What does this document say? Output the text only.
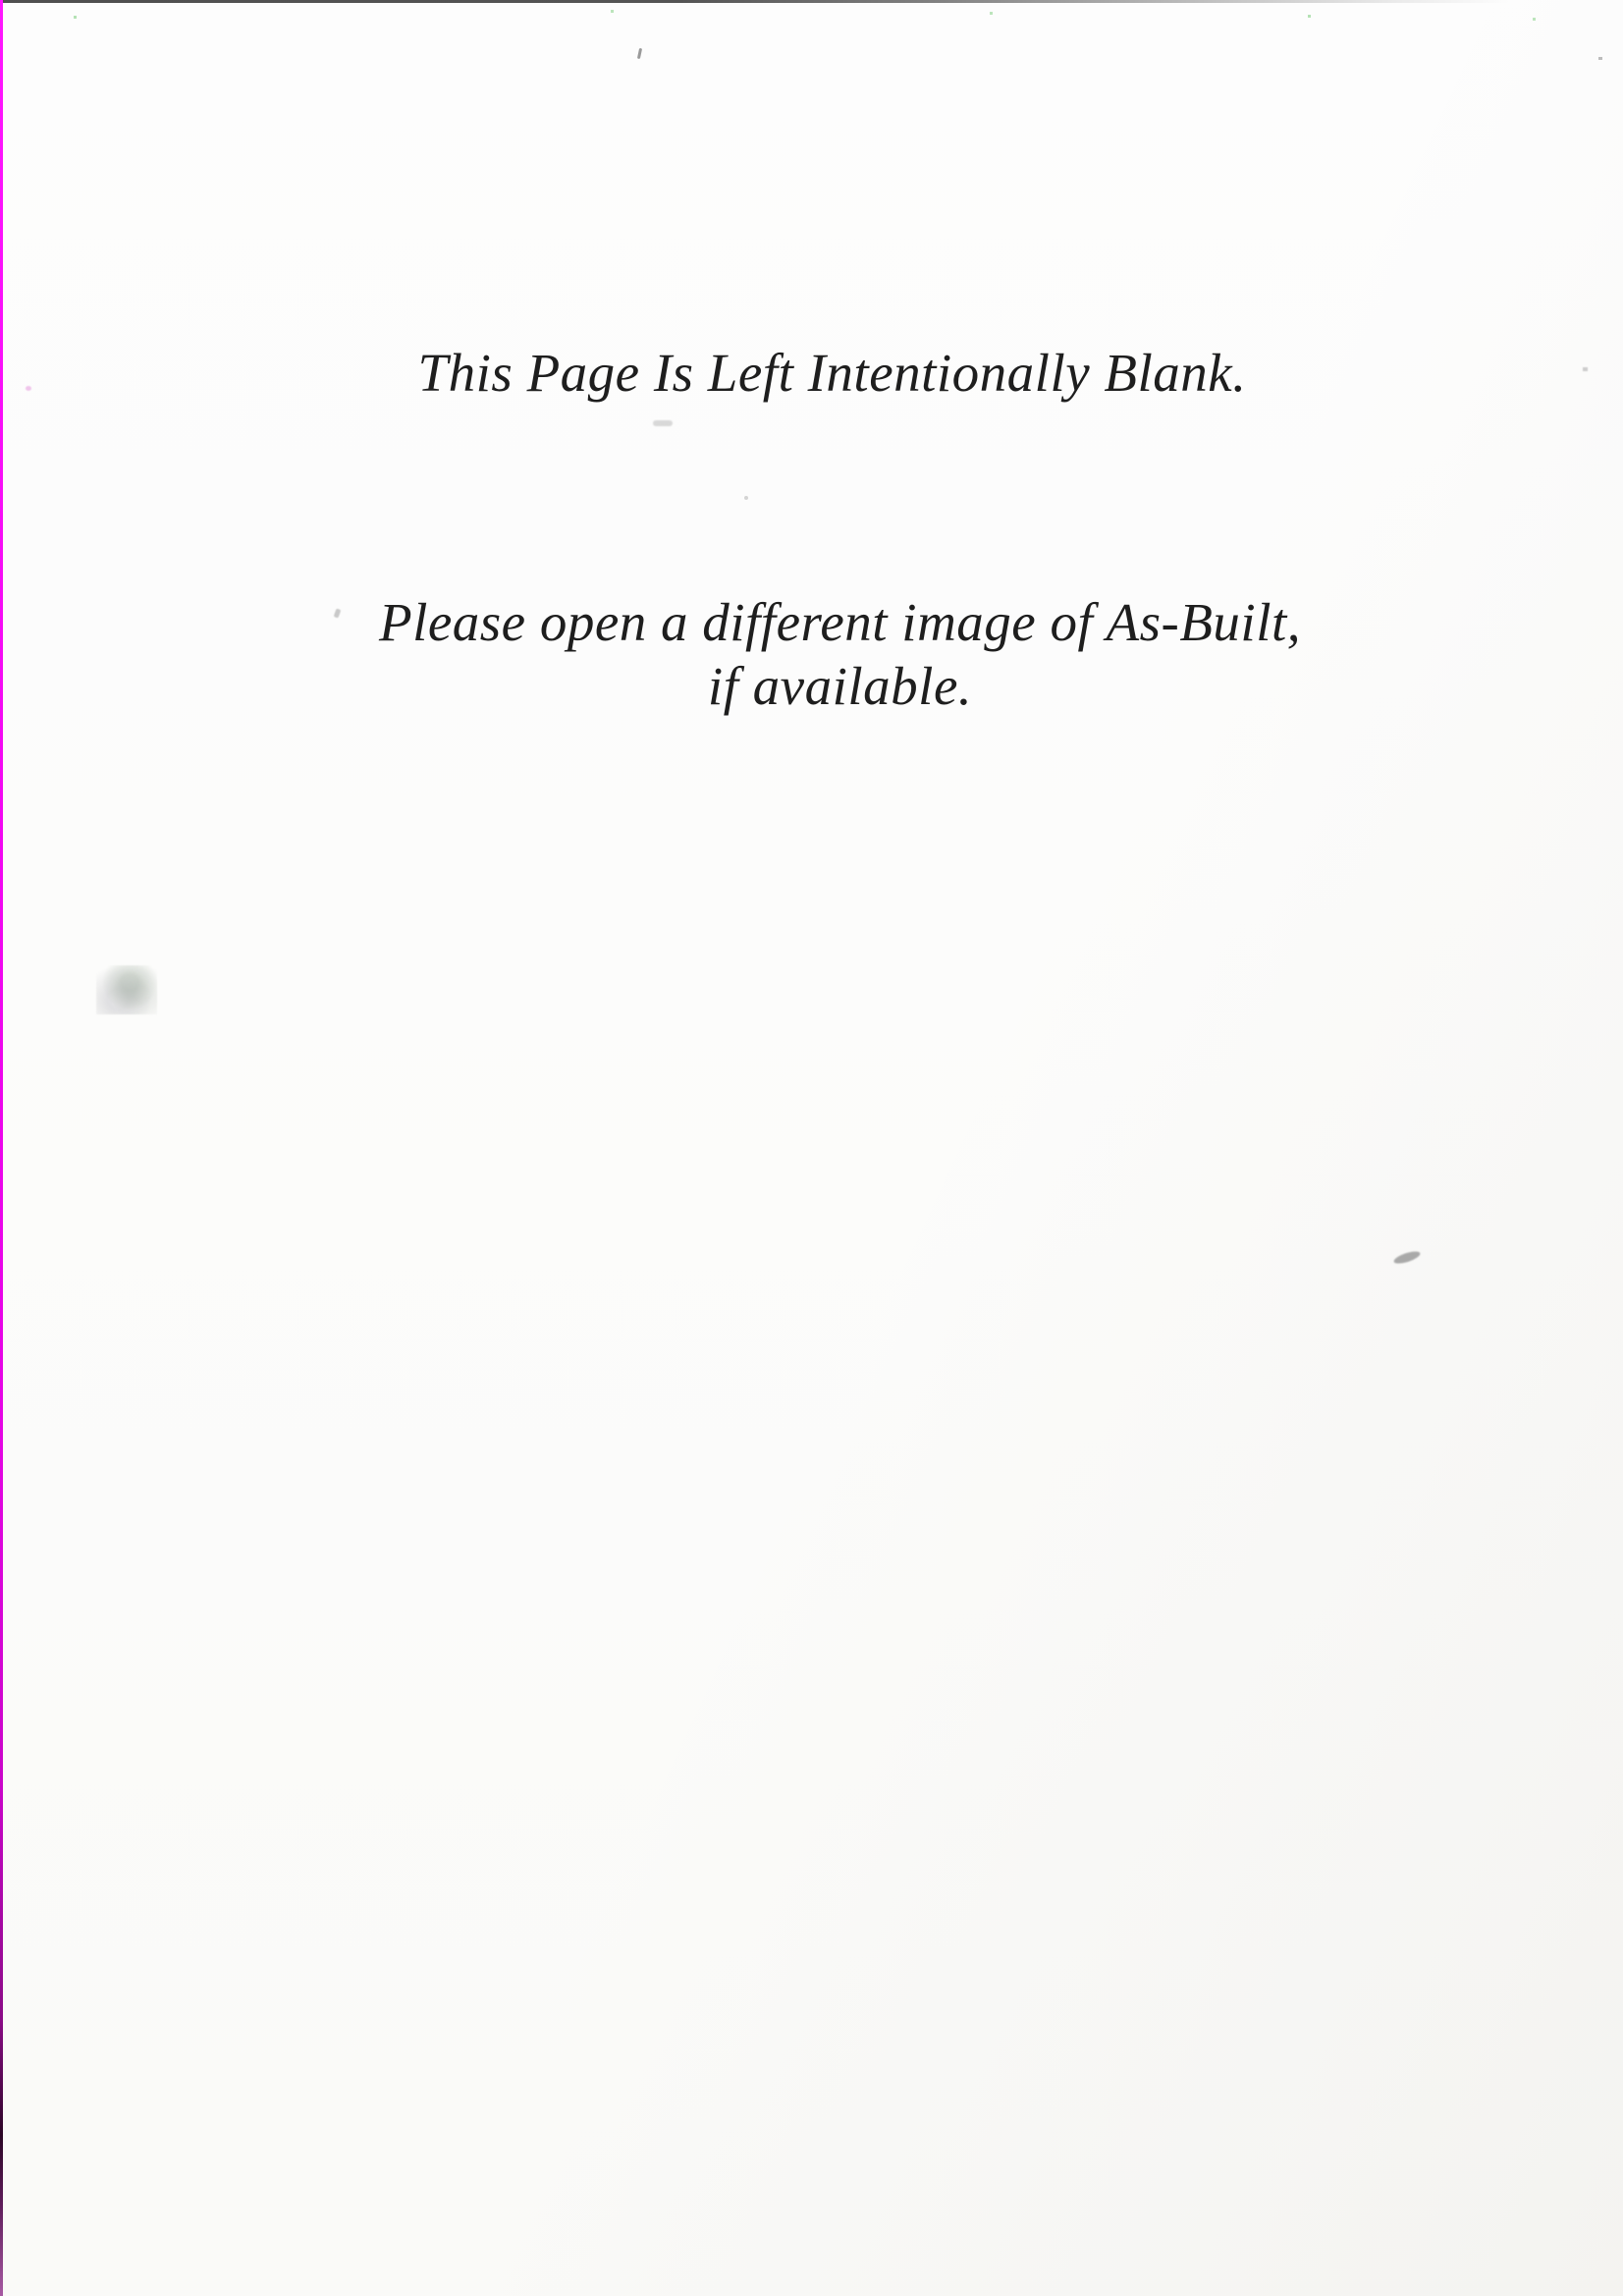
This Page Is Left Intentionally Blank.
Please open a different image of As-Built,
if available.
